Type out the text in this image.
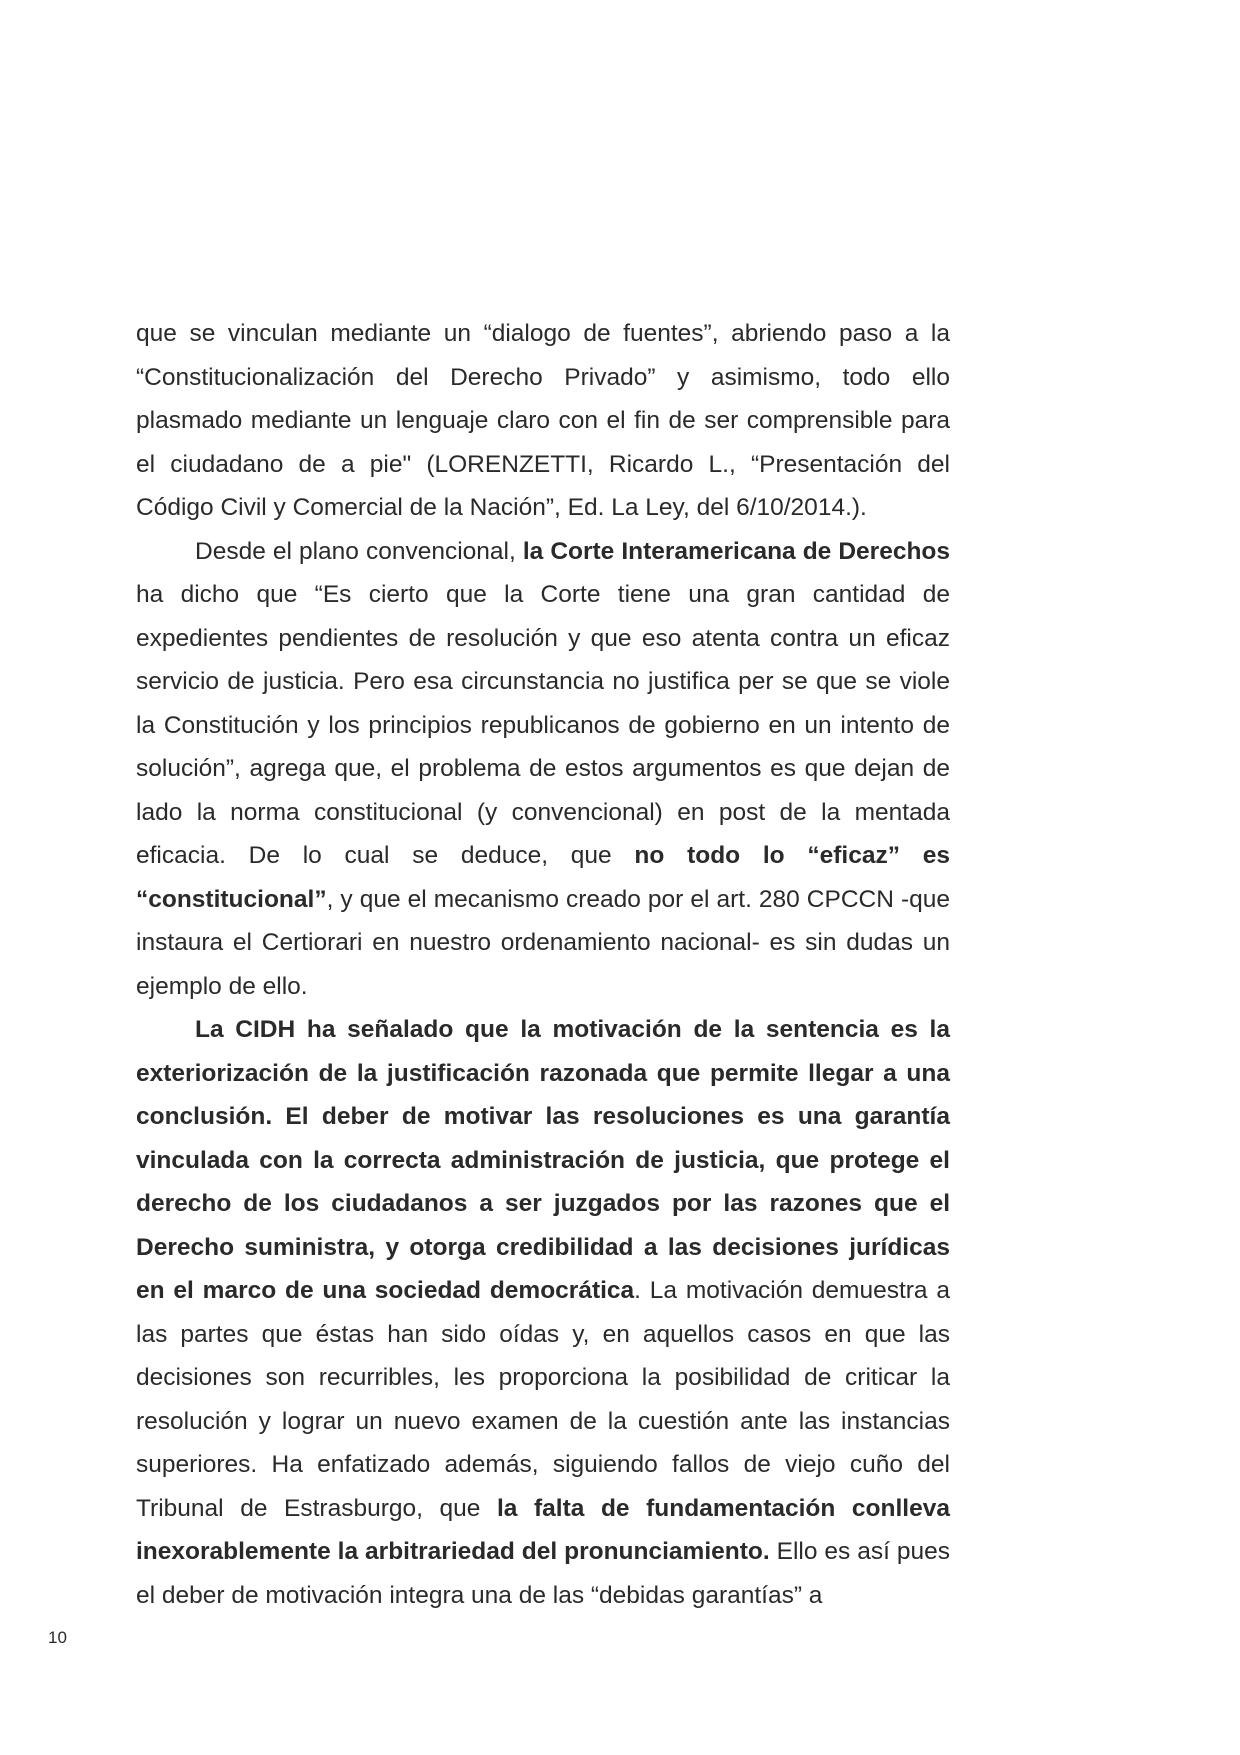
que se vinculan mediante un “dialogo de fuentes”, abriendo paso a la “Constitucionalización del Derecho Privado” y asimismo, todo ello plasmado mediante un lenguaje claro con el fin de ser comprensible para el ciudadano de a pie" (LORENZETTI, Ricardo L., “Presentación del Código Civil y Comercial de la Nación”, Ed. La Ley, del 6/10/2014.).

Desde el plano convencional, la Corte Interamericana de Derechos ha dicho que “Es cierto que la Corte tiene una gran cantidad de expedientes pendientes de resolución y que eso atenta contra un eficaz servicio de justicia. Pero esa circunstancia no justifica per se que se viole la Constitución y los principios republicanos de gobierno en un intento de solución”, agrega que, el problema de estos argumentos es que dejan de lado la norma constitucional (y convencional) en post de la mentada eficacia. De lo cual se deduce, que no todo lo “eficaz” es “constitucional”, y que el mecanismo creado por el art. 280 CPCCN -que instaura el Certiorari en nuestro ordenamiento nacional- es sin dudas un ejemplo de ello.

La CIDH ha señalado que la motivación de la sentencia es la exteriorización de la justificación razonada que permite llegar a una conclusión. El deber de motivar las resoluciones es una garantía vinculada con la correcta administración de justicia, que protege el derecho de los ciudadanos a ser juzgados por las razones que el Derecho suministra, y otorga credibilidad a las decisiones jurídicas en el marco de una sociedad democrática. La motivación demuestra a las partes que éstas han sido oídas y, en aquellos casos en que las decisiones son recurribles, les proporciona la posibilidad de criticar la resolución y lograr un nuevo examen de la cuestión ante las instancias superiores. Ha enfatizado además, siguiendo fallos de viejo cuño del Tribunal de Estrasburgo, que la falta de fundamentación conlleva inexorablemente la arbitrariedad del pronunciamiento. Ello es así pues el deber de motivación integra una de las “debidas garantías” a

10
